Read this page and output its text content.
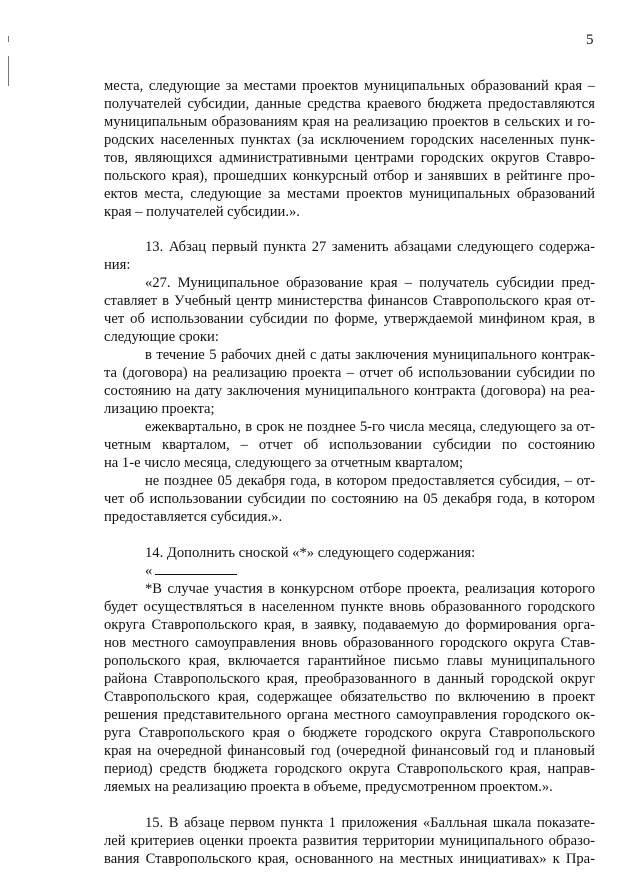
5
места, следующие за местами проектов муниципальных образований края –
получателей субсидии, данные средства краевого бюджета предоставляются
муниципальным образованиям края на реализацию проектов в сельских и го-
родских населенных пунктах (за исключением городских населенных пунк-
тов, являющихся административными центрами городских округов Ставро-
польского края), прошедших конкурсный отбор и занявших в рейтинге про-
ектов места, следующие за местами проектов муниципальных образований
края – получателей субсидии.».
13. Абзац первый пункта 27 заменить абзацами следующего содержа-
ния:
«27. Муниципальное образование края – получатель субсидии пред-
ставляет в Учебный центр министерства финансов Ставропольского края от-
чет об использовании субсидии по форме, утверждаемой минфином края, в
следующие сроки:
в течение 5 рабочих дней с даты заключения муниципального контрак-
та (договора) на реализацию проекта – отчет об использовании субсидии по
состоянию на дату заключения муниципального контракта (договора) на реа-
лизацию проекта;
ежеквартально, в срок не позднее 5-го числа месяца, следующего за от-
четным кварталом, – отчет об использовании субсидии по состоянию
на 1-е число месяца, следующего за отчетным кварталом;
не позднее 05 декабря года, в котором предоставляется субсидия, – от-
чет об использовании субсидии по состоянию на 05 декабря года, в котором
предоставляется субсидия.».
14. Дополнить сноской «*» следующего содержания:
«
*В случае участия в конкурсном отборе проекта, реализация которого
будет осуществляться в населенном пункте вновь образованного городского
округа Ставропольского края, в заявку, подаваемую до формирования орга-
нов местного самоуправления вновь образованного городского округа Став-
ропольского края, включается гарантийное письмо главы муниципального
района Ставропольского края, преобразованного в данный городской округ
Ставропольского края, содержащее обязательство по включению в проект
решения представительного органа местного самоуправления городского ок-
руга Ставропольского края о бюджете городского округа Ставропольского
края на очередной финансовый год (очередной финансовый год и плановый
период) средств бюджета городского округа Ставропольского края, направ-
ляемых на реализацию проекта в объеме, предусмотренном проектом.».
15. В абзаце первом пункта 1 приложения «Балльная шкала показате-
лей критериев оценки проекта развития территории муниципального образо-
вания Ставропольского края, основанного на местных инициативах» к Пра-
